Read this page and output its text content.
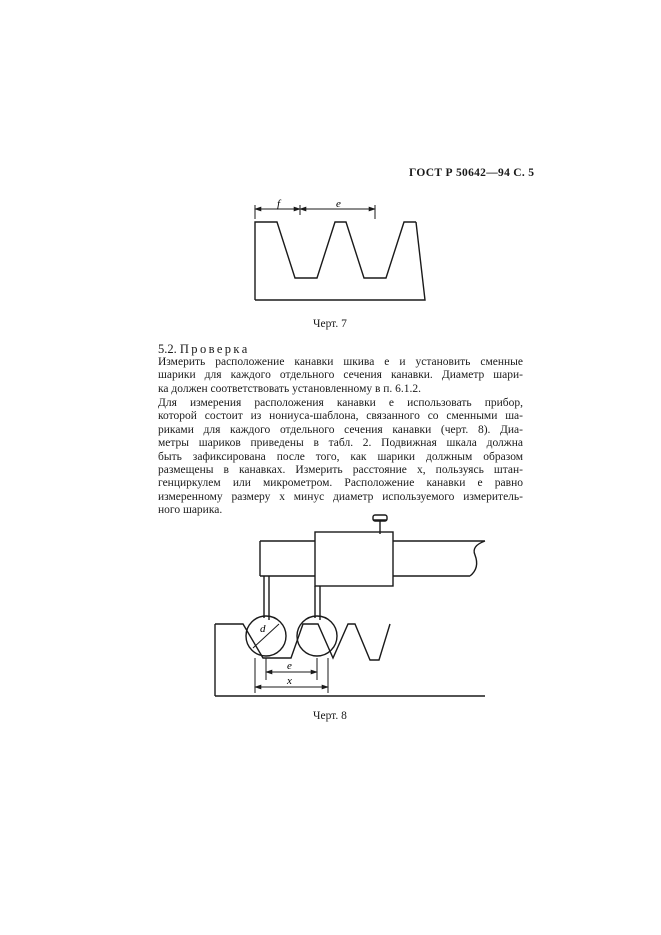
ГОСТ Р 50642—94 С. 5
f	e
Черт. 7
5.2. Проверка
Измерить расположение канавки шкива e и установить сменные
шарики для каждого отдельного сечения канавки. Диаметр шари-
ка должен соответствовать установленному в п. 6.1.2.
Для измерения расположения канавки e использовать прибор,
которой состоит из нониуса-шаблона, связанного со сменными ша-
риками для каждого отдельного сечения канавки (черт. 8). Диа-
метры шариков приведены в табл. 2. Подвижная шкала должна
быть зафиксирована после того, как шарики должным образом
размещены в канавках. Измерить расстояние x, пользуясь штан-
генциркулем или микрометром. Расположение канавки e равно
измеренному размеру x минус диаметр используемого измеритель-
ного шарика.
d
e
x
Черт. 8
